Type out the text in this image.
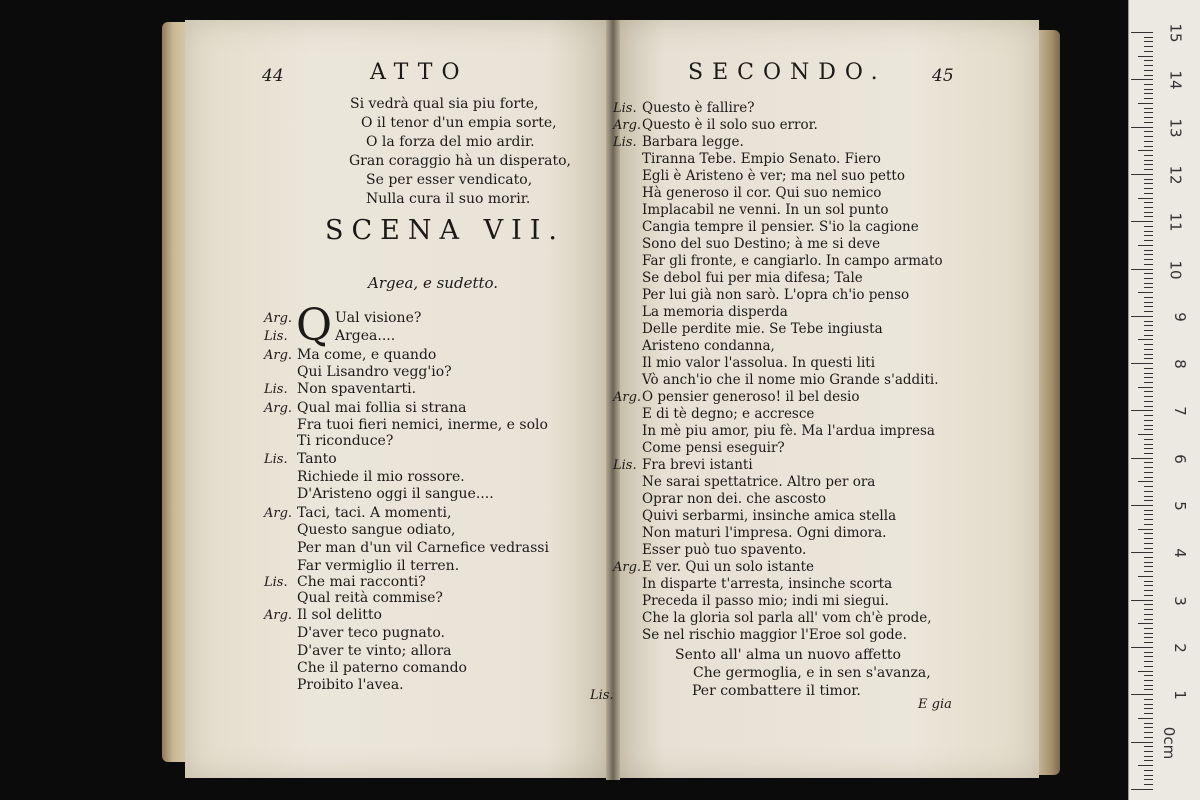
44	ATTO
Si vedrà qual sia piu forte,
O il tenor d'un empia sorte,
O la forza del mio ardir.
Gran coraggio hà un disperato,
Se per esser vendicato,
Nulla cura il suo morir.
SCENA VII.
Argea, e sudetto.
Q
Arg.	Ual visione?
Lis.	Argea....
Arg. Ma come, e quando
Qui Lisandro vegg'io?
Lis. Non spaventarti.
Arg. Qual mai follia si strana
Fra tuoi fieri nemici, inerme, e solo
Ti riconduce?
Lis. Tanto
Richiede il mio rossore.
D'Aristeno oggi il sangue....
Arg. Taci, taci. A momenti,
Questo sangue odiato,
Per man d'un vil Carnefice vedrassi
Far vermiglio il terren.
Lis. Che mai racconti?
Qual reità commise?
Arg. Il sol delitto
D'aver teco pugnato.
D'aver te vinto; allora
Che il paterno comando
Proibito l'avea.
Lis.
SECONDO.	45
Lis. Questo è fallire?
Arg. Questo è il solo suo error.
Lis. Barbara legge.
Tiranna Tebe. Empio Senato. Fiero
Egli è Aristeno è ver; ma nel suo petto
Hà generoso il cor. Qui suo nemico
Implacabil ne venni. In un sol punto
Cangia tempre il pensier. S'io la cagione
Sono del suo Destino; à me si deve
Far gli fronte, e cangiarlo. In campo armato
Se debol fui per mia difesa; Tale
Per lui già non sarò. L'opra ch'io penso
La memoria disperda
Delle perdite mie. Se Tebe ingiusta
Aristeno condanna,
Il mio valor l'assolua. In questi liti
Vò anch'io che il nome mio Grande s'additi.
Arg. O pensier generoso! il bel desio
E di tè degno; e accresce
In mè piu amor, piu fè. Ma l'ardua impresa
Come pensi eseguir?
Lis. Fra brevi istanti
Ne sarai spettatrice. Altro per ora
Oprar non dei. che ascosto
Quivi serbarmi, insinche amica stella
Non maturi l'impresa. Ogni dimora.
Esser può tuo spavento.
Arg. E ver. Qui un solo istante
In disparte t'arresta, insinche scorta
Preceda il passo mio; indi mi siegui.
Che la gloria sol parla all' vom ch'è prode,
Se nel rischio maggior l'Eroe sol gode.
Sento all' alma un nuovo affetto
Che germoglia, e in sen s'avanza,
Per combattere il timor.
E gia
15
14
13
12
11
10
9
8
7
6
5
4
3
2
1
0cm
